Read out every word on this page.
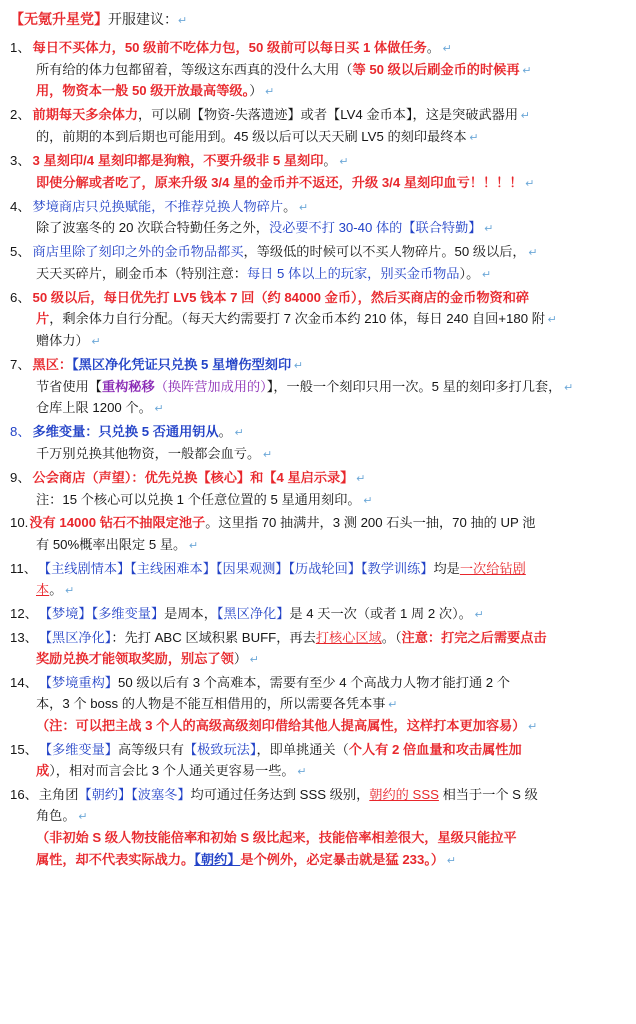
【无氪升星党】开服建议：↵
1、 每日不买体力，50 级前不吃体力包，50 级前可以每日买 1 体做任务。 ↵
所有给的体力包都留着，等级这东西真的没什么大用（等 50 级以后刷金币的时候再 ↵
用，物资本一般 50 级开放最高等级。） ↵
2、 前期每天多余体力，可以刷【物资-失落遗迹】或者【LV4 金币本】，这是突破武器用 ↵
的，前期的本到后期也可能用到。45 级以后可以天天刷 LV5 的刻印最终本 ↵
3、 3 星刻印/4 星刻印都是狗粮，不要升级非 5 星刻印。 ↵
即使分解或者吃了，原来升级 3/4 星的金币并不返还，升级 3/4 星刻印血亏！！！！ ↵
4、 梦境商店只兑换赋能，不推荐兑换人物碎片。 ↵
除了波塞冬的 20 次联合特勤任务之外，没必要不打 30-40 体的【联合特勤】 ↵
5、 商店里除了刻印之外的金币物品都买，等级低的时候可以不买人物碎片。50 级以后， ↵
天天买碎片，刷金币本（特别注意：每日 5 体以上的玩家，别买金币物品）。 ↵
6、 50 级以后，每日优先打 LV5 钱本 7 回（约 84000 金币），然后买商店的金币物资和碎
片，剩余体力自行分配。（每天大约需要打 7 次金币本约 210 体，每日 240 自回+180 附 ↵
赠体力） ↵
7、 黑区：【黑区净化凭证只兑换 5 星增伤型刻印 ↵
节省使用【重构秘移（换阵营加成用的）】，一般一个刻印只用一次。5 星的刻印多打几套， ↵
仓库上限 1200 个。 ↵
8、 多维变量：只兑换 5 否通用钥从。 ↵
千万别兑换其他物资，一般都会血亏。 ↵
9、 公会商店（声望）：优先兑换【核心】和【4 星启示录】 ↵
注：15 个核心可以兑换 1 个任意位置的 5 星通用刻印。 ↵
10. 没有 14000 钻石不抽限定池子。这里指 70 抽满井，3 测 200 石头一抽，70 抽的 UP 池
有 50%概率出限定 5 星。 ↵
11、 【主线剧情本】【主线困难本】【因果观测】【历战轮回】【教学训练】均是一次给钻剧
本。 ↵
12、 【梦境】【多维变量】是周本，【黑区净化】是 4 天一次（或者 1 周 2 次）。 ↵
13、 【黑区净化】：先打 ABC 区域积累 BUFF，再去打核心区域。（注意：打完之后需要点击
奖励兑换才能领取奖励，别忘了领） ↵
14、 【梦境重构】50 级以后有 3 个高难本，需要有至少 4 个高战力人物才能打通 2 个
本，3 个 boss 的人物是不能互相借用的，所以需要各凭本事 ↵
（注：可以把主战 3 个人的高级高级刻印借给其他人提高属性，这样打本更加容易） ↵
15、 【多维变量】高等级只有【极致玩法】，即单挑通关（个人有 2 倍血量和攻击属性加
成），相对而言会比 3 个人通关更容易一些。 ↵
16、 主角团【朝约】【波塞冬】均可通过任务达到 SSS 级别，朝约的 SSS 相当于一个 S 级
角色。 ↵
（非初始 S 级人物技能倍率和初始 S 级比起来，技能倍率相差很大，星级只能拉平
属性，却不代表实际战力。【朝约】是个例外，必定暴击就是猛 233。） ↵
